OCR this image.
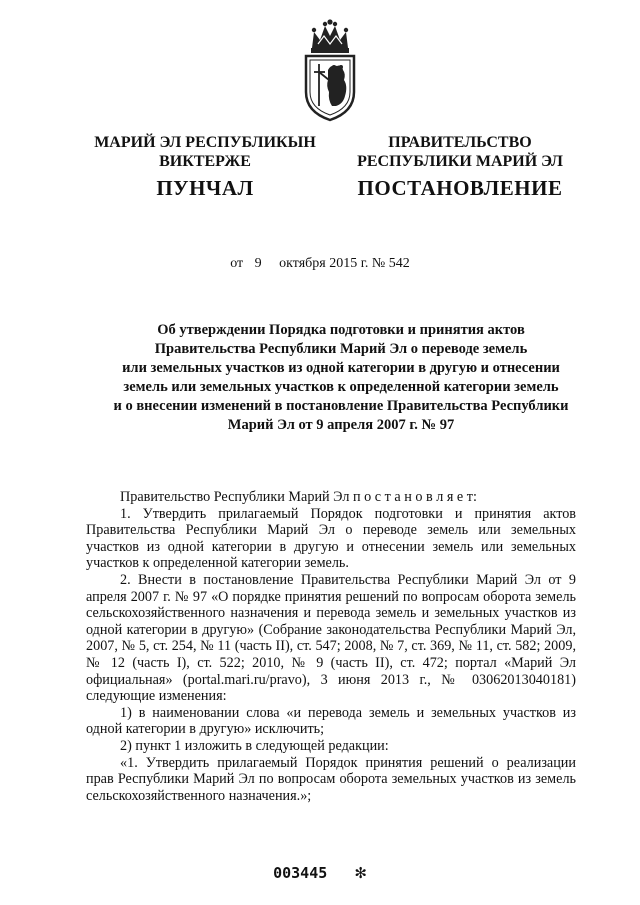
МАРИЙ ЭЛ РЕСПУБЛИКЫН
ВИКТЕРЖЕ
ПУНЧАЛ
ПРАВИТЕЛЬСТВО
РЕСПУБЛИКИ МАРИЙ ЭЛ
ПОСТАНОВЛЕНИЕ
от 9 октября 2015 г. № 542
Об утверждении Порядка подготовки и принятия актов
Правительства Республики Марий Эл о переводе земель
или земельных участков из одной категории в другую и отнесении
земель или земельных участков к определенной категории земель
и о внесении изменений в постановление Правительства Республики
Марий Эл от 9 апреля 2007 г. № 97

Правительство Республики Марий Эл п о с т а н о в л я е т:

1. Утвердить прилагаемый Порядок подготовки и принятия актов Правительства Республики Марий Эл о переводе земель или земельных участков из одной категории в другую и отнесении земель или земельных участков к определенной категории земель.

2. Внести в постановление Правительства Республики Марий Эл от 9 апреля 2007 г. № 97 «О порядке принятия решений по вопросам оборота земель сельскохозяйственного назначения и перевода земель и земельных участков из одной категории в другую» (Собрание законодательства Республики Марий Эл, 2007, № 5, ст. 254, № 11 (часть II), ст. 547; 2008, № 7, ст. 369, № 11, ст. 582; 2009, № 12 (часть I), ст. 522; 2010, № 9 (часть II), ст. 472; портал «Марий Эл официальная» (portal.mari.ru/pravo), 3 июня 2013 г., № 03062013040181) следующие изменения:

1) в наименовании слова «и перевода земель и земельных участков из одной категории в другую» исключить;

2) пункт 1 изложить в следующей редакции:

«1. Утвердить прилагаемый Порядок принятия решений о реализации прав Республики Марий Эл по вопросам оборота земельных участков из земель сельскохозяйственного назначения.»;

003445 ✻
